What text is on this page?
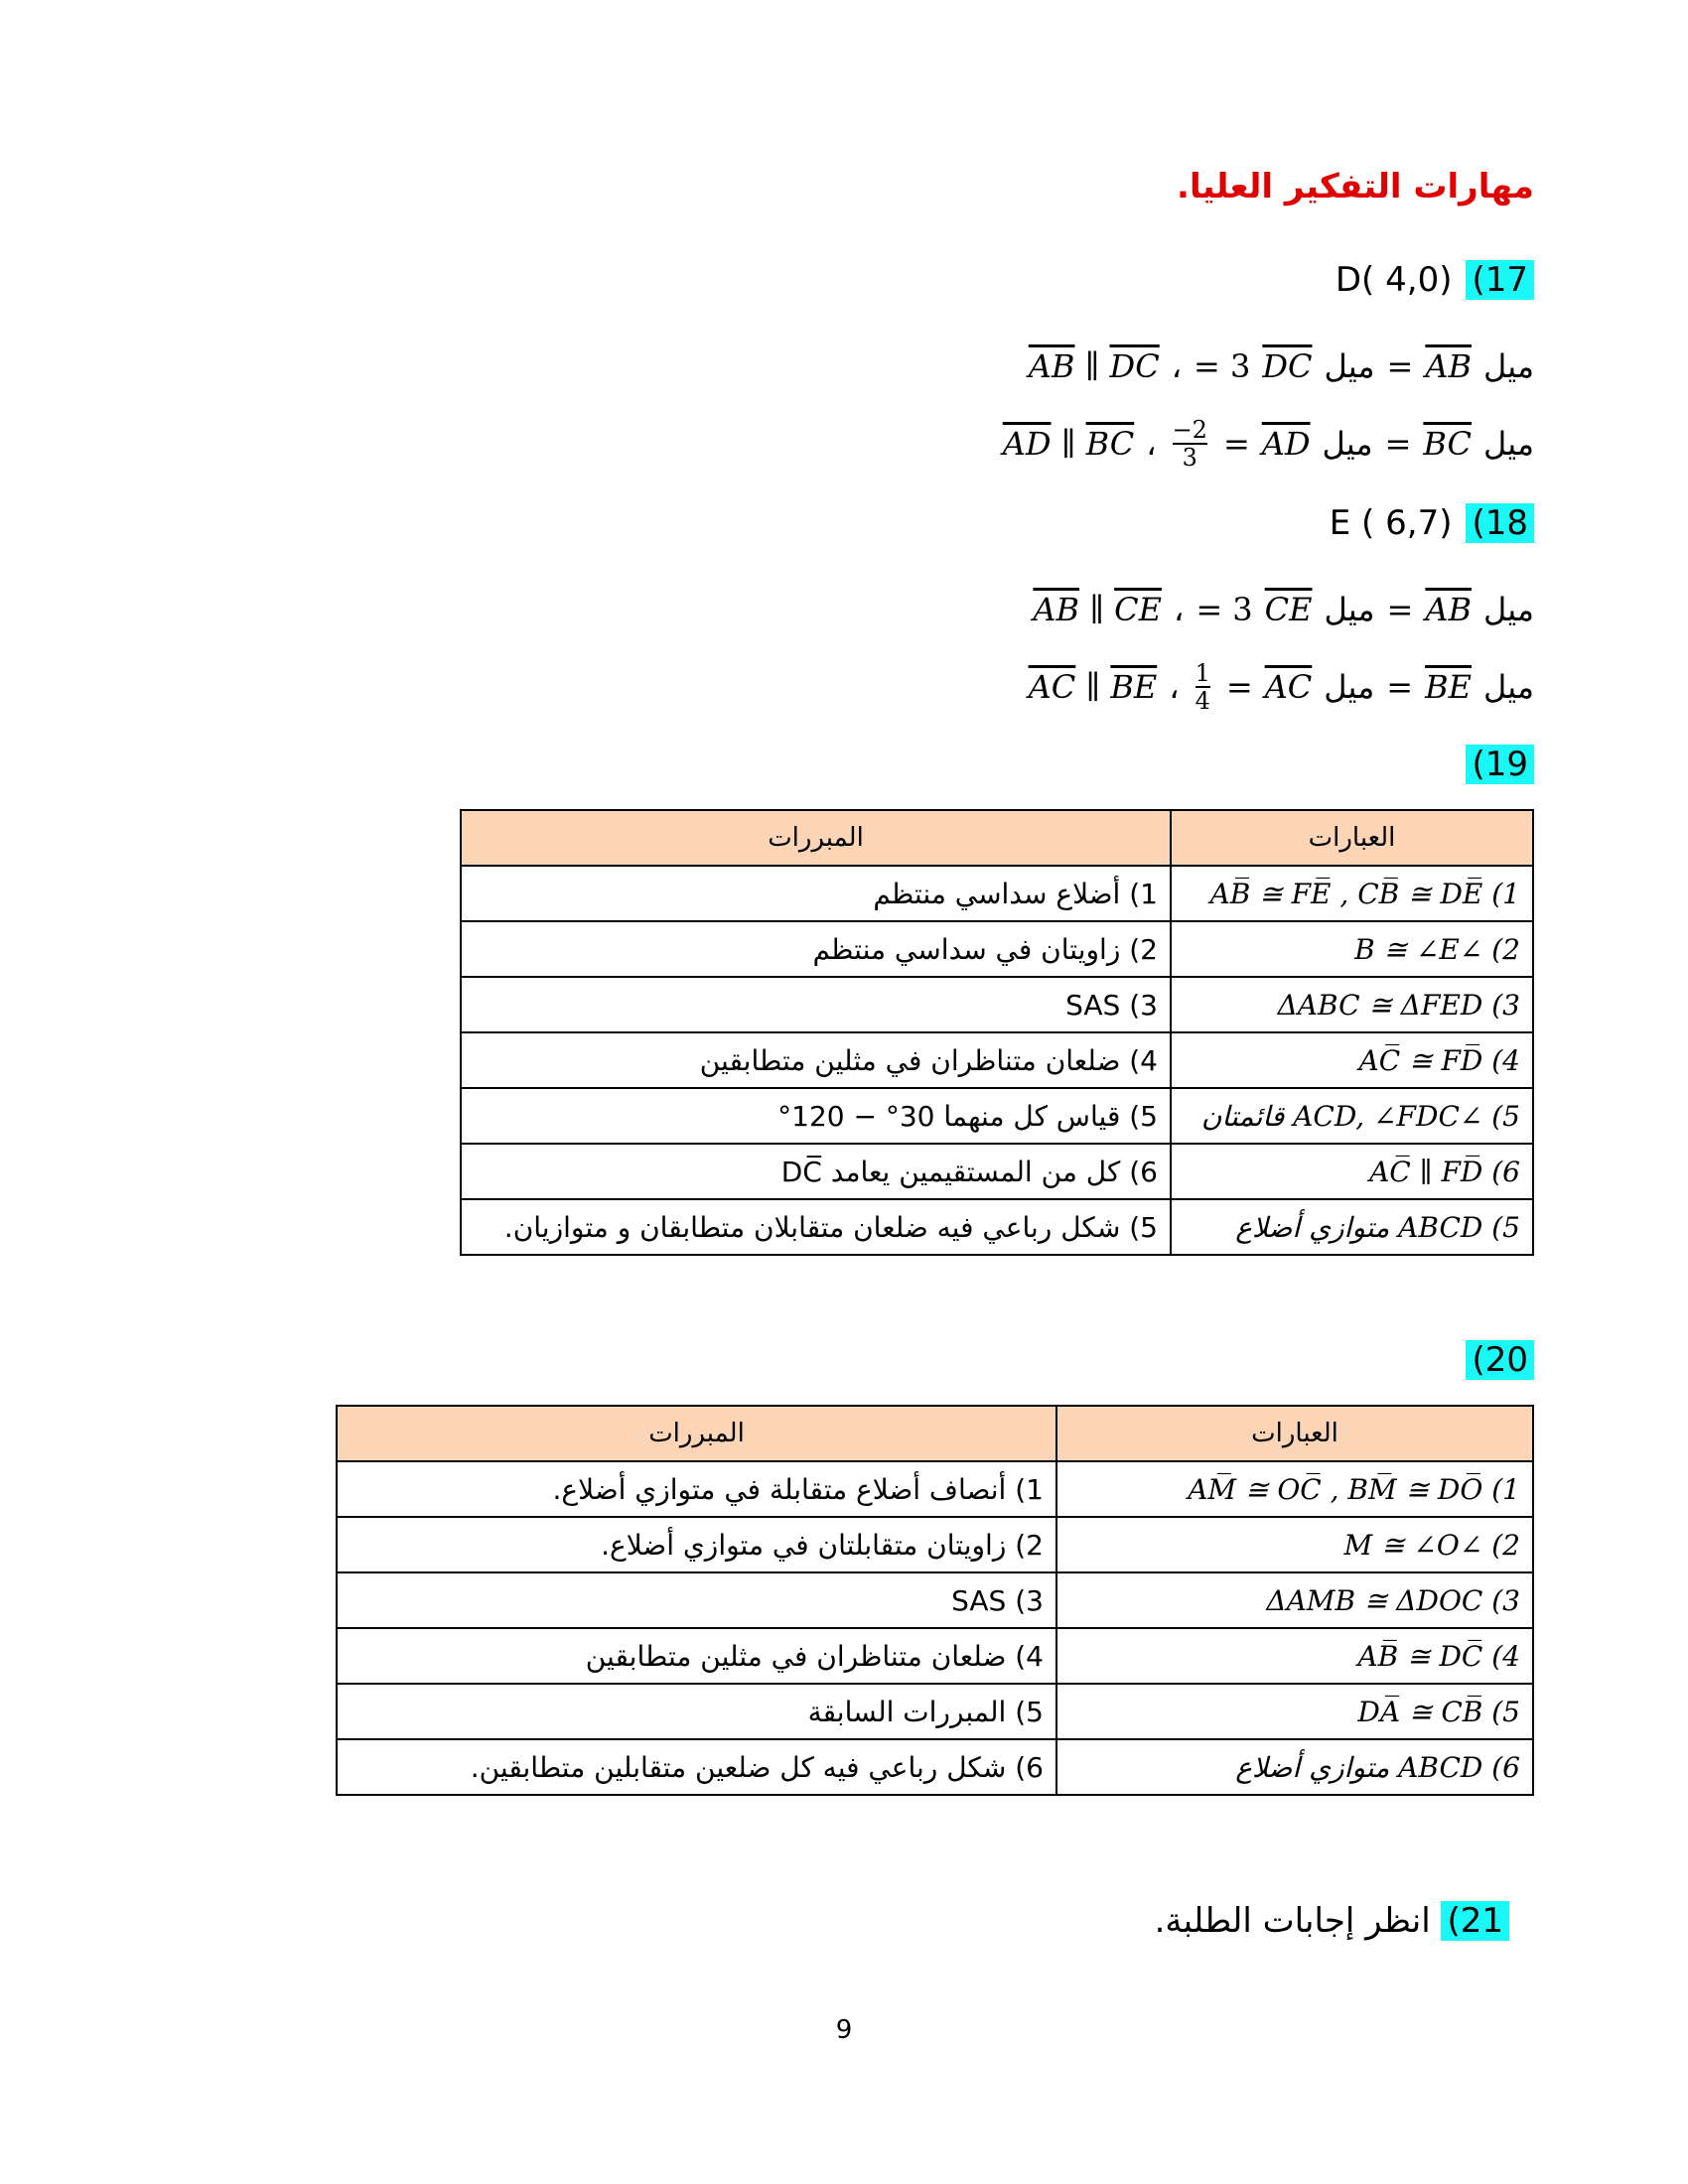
مهارات التفكير العليا.
17)
D( 4,0)
ميل
AB
=
ميل
DC
= 3
،
$\overline{AB}$ ∥ $\overline{DC}$
ميل
BC
=
ميل
AD
=
$\frac{-2}{3}$
،
$\overline{AD}$ ∥ $\overline{BC}$
18)
E ( 6,7)
ميل
AB
=
ميل
CE
= 3
،
$\overline{AB}$ ∥ $\overline{CE}$
ميل
BE
=
ميل
AC
=
$\frac{1}{4}$
،
$\overline{AC}$ ∥ $\overline{BE}$
(19
العبارات	المبررات
1) AB̅ ≅ FE̅ , CB̅ ≅ DE̅	1) أضلاع سداسي منتظم
2) ∠B ≅ ∠E	2) زاويتان في سداسي منتظم
3) ΔABC ≅ ΔFED	3) SAS
4) AC̅ ≅ FD̅	4) ضلعان متناظران في مثلين متطابقين
5) ∠ACD, ∠FDC قائمتان	5) قياس كل منهما 30° − 120°
6) AC̅ ∥ FD̅	6) كل من المستقيمين يعامد DC̅
5) ABCD متوازي أضلاع	5) شكل رباعي فيه ضلعان متقابلان متطابقان و متوازيان.
(20
العبارات	المبررات
1) AM̅ ≅ OC̅ , BM̅ ≅ DO̅	1) أنصاف أضلاع متقابلة في متوازي أضلاع.
2) ∠M ≅ ∠O	2) زاويتان متقابلتان في متوازي أضلاع.
3) ΔAMB ≅ ΔDOC	3) SAS
4) AB̅ ≅ DC̅	4) ضلعان متناظران في مثلين متطابقين
5) DA̅ ≅ CB̅	5) المبررات السابقة
6) ABCD متوازي أضلاع	6) شكل رباعي فيه كل ضلعين متقابلين متطابقين.
21) انظر إجابات الطلبة.
9
